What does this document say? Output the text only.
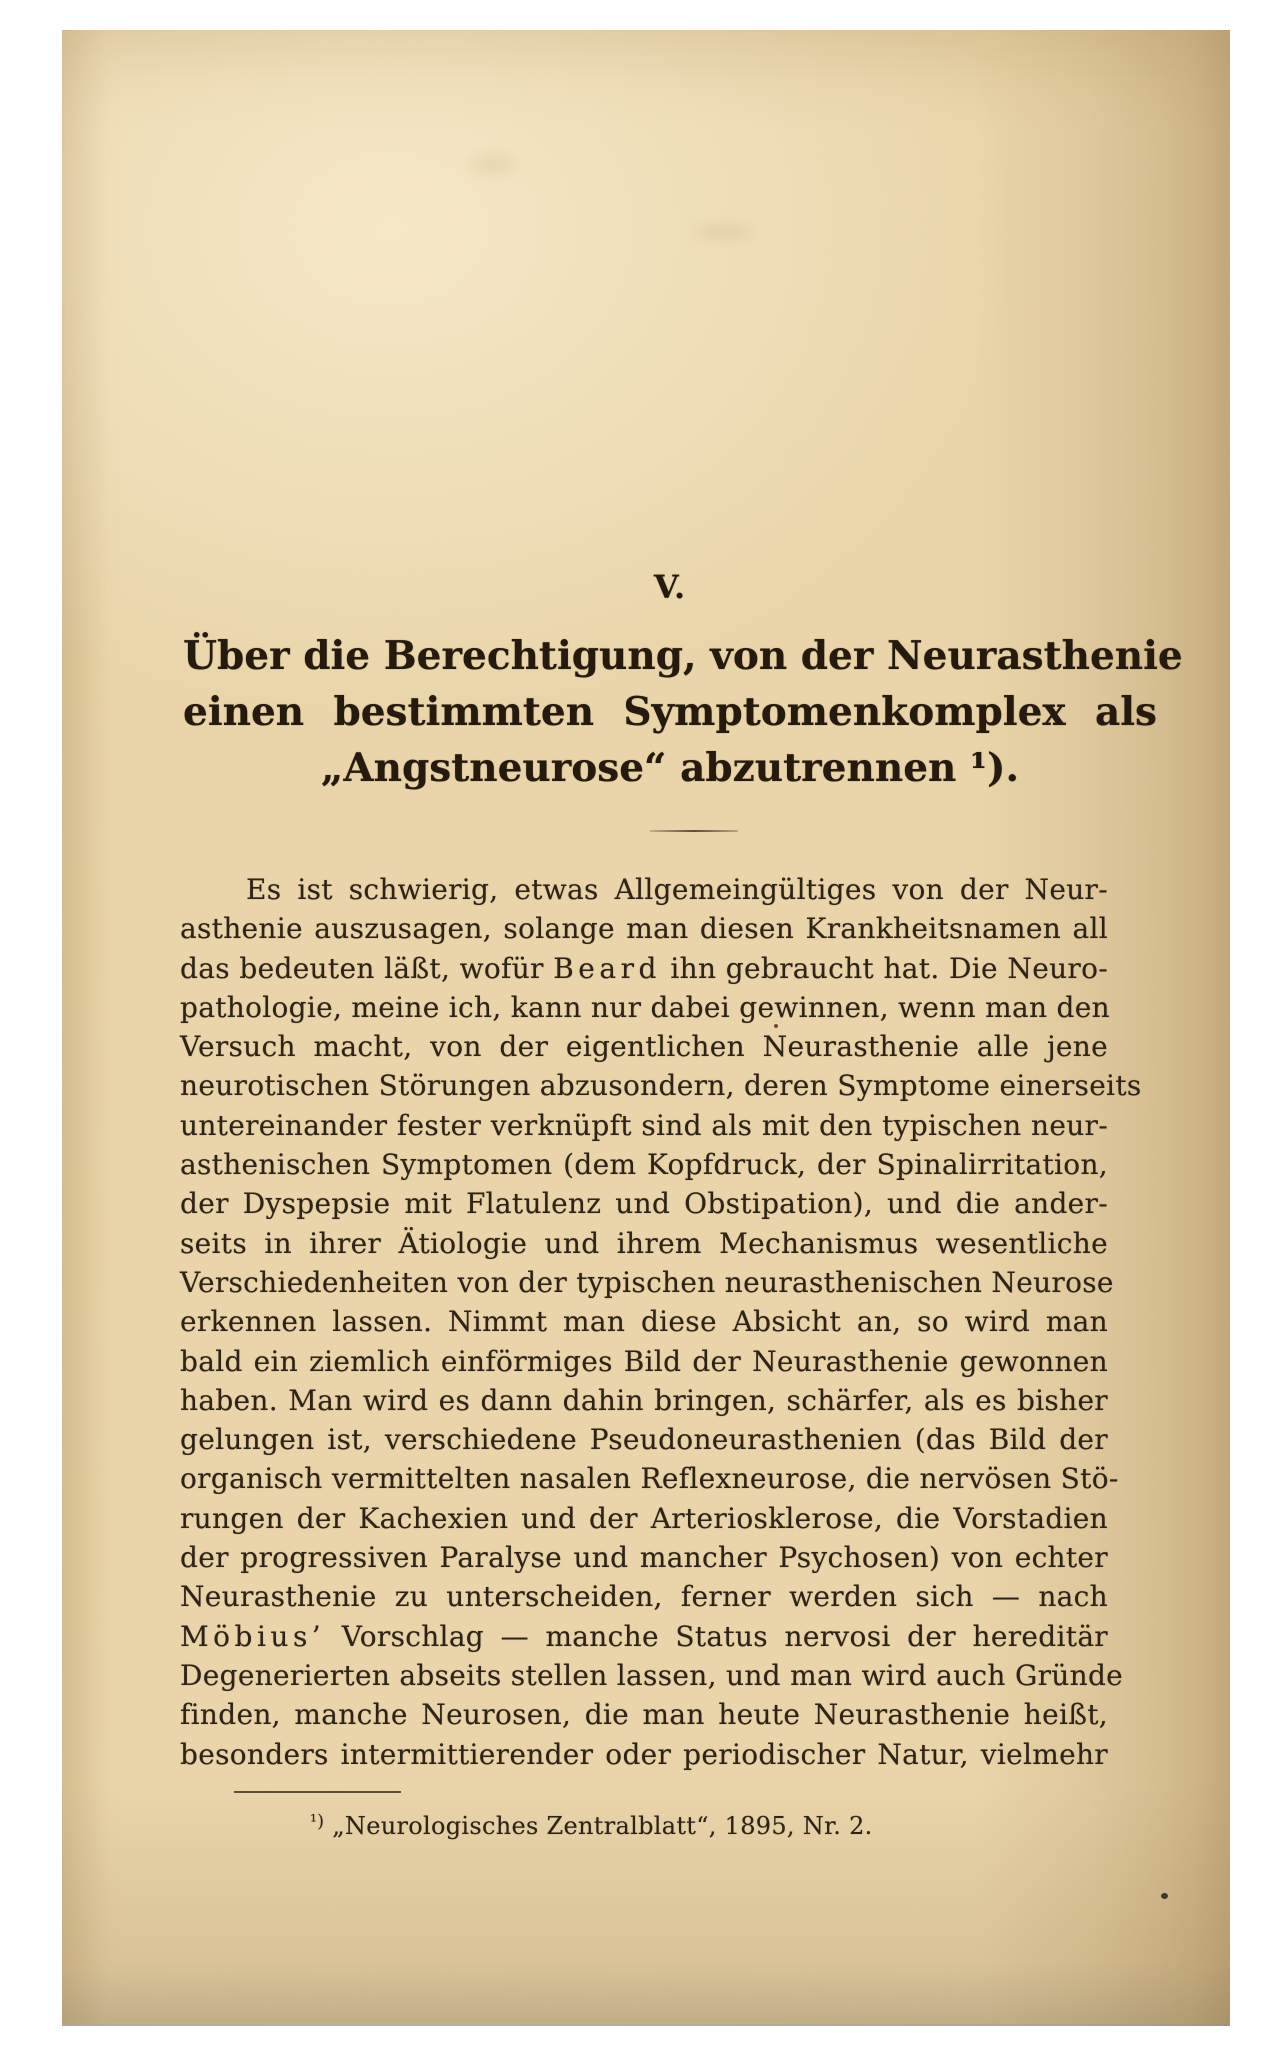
V.
Über die Berechtigung, von der Neurasthenie
einen bestimmten Symptomenkomplex als
„Angstneurose“ abzutrennen ¹).
Es ist schwierig, etwas Allgemeingültiges von der Neur-
asthenie auszusagen, solange man diesen Krankheitsnamen all
das bedeuten läßt, wofür Beard ihn gebraucht hat. Die Neuro-
pathologie, meine ich, kann nur dabei gewinnen, wenn man den
Versuch macht, von der eigentlichen Neurasthenie alle jene
neurotischen Störungen abzusondern, deren Symptome einerseits
untereinander fester verknüpft sind als mit den typischen neur-
asthenischen Symptomen (dem Kopfdruck, der Spinalirritation,
der Dyspepsie mit Flatulenz und Obstipation), und die ander-
seits in ihrer Ätiologie und ihrem Mechanismus wesentliche
Verschiedenheiten von der typischen neurasthenischen Neurose
erkennen lassen. Nimmt man diese Absicht an, so wird man
bald ein ziemlich einförmiges Bild der Neurasthenie gewonnen
haben. Man wird es dann dahin bringen, schärfer, als es bisher
gelungen ist, verschiedene Pseudoneurasthenien (das Bild der
organisch vermittelten nasalen Reflexneurose, die nervösen Stö-
rungen der Kachexien und der Arteriosklerose, die Vorstadien
der progressiven Paralyse und mancher Psychosen) von echter
Neurasthenie zu unterscheiden, ferner werden sich — nach
Möbius’ Vorschlag — manche Status nervosi der hereditär
Degenerierten abseits stellen lassen, und man wird auch Gründe
finden, manche Neurosen, die man heute Neurasthenie heißt,
besonders intermittierender oder periodischer Natur, vielmehr
$^{^1)}$ „Neurologisches Zentralblatt“, 1895, Nr. 2.
